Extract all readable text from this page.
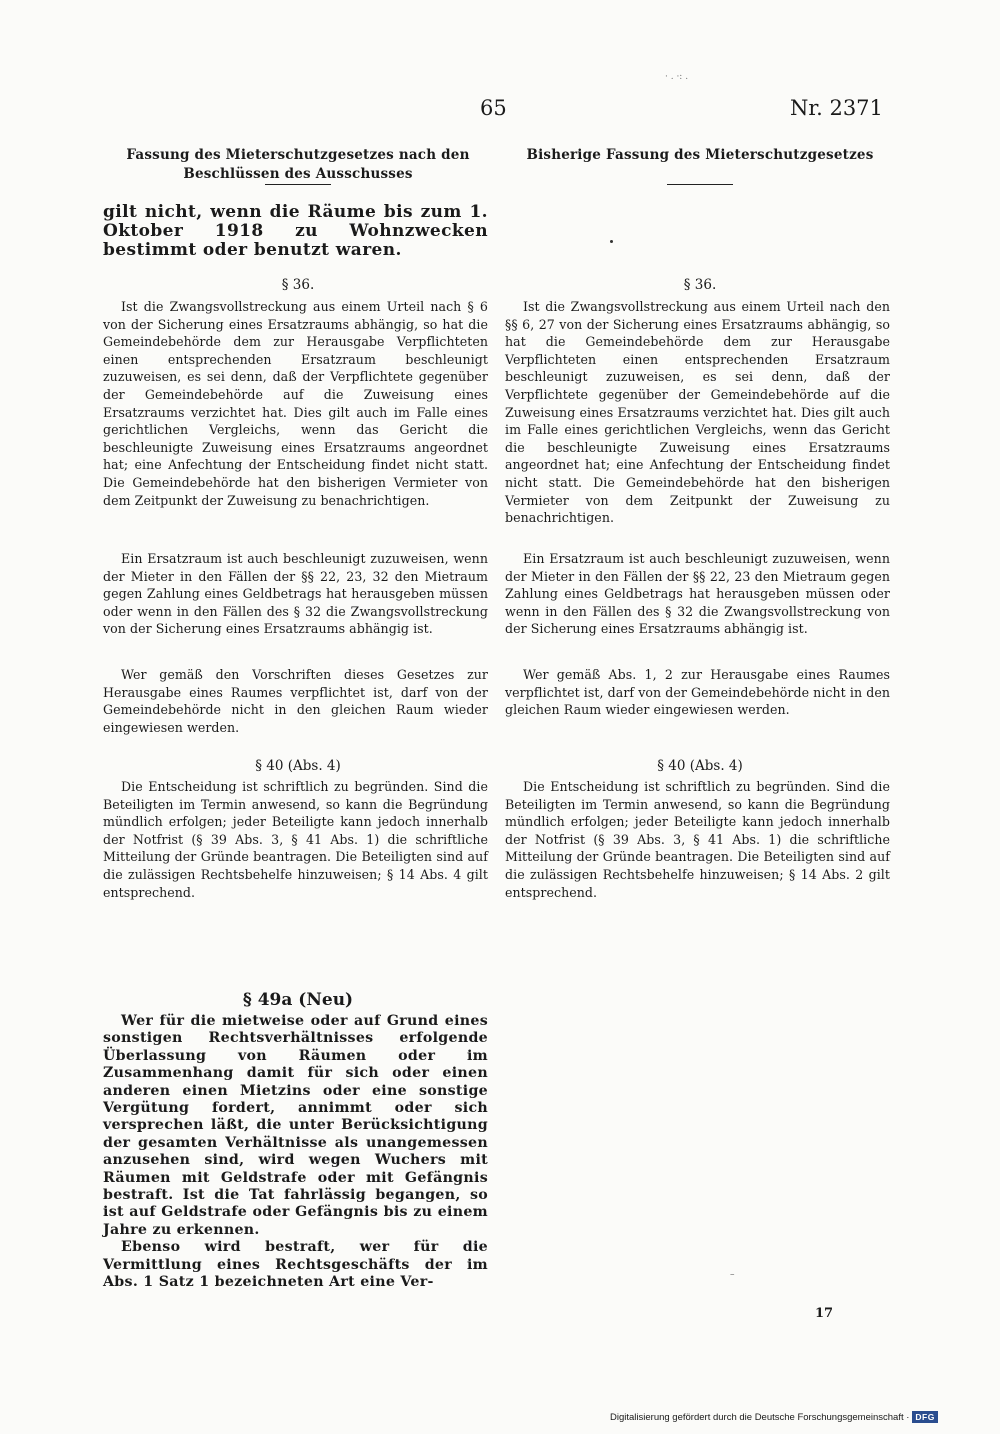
65	Nr. 2371
· . ·: .
Fassung des Mieterschutzgesetzes nach den Beschlüssen des Ausschusses
gilt nicht, wenn die Räume bis zum 1. Oktober 1918 zu Wohnzwecken bestimmt oder benutzt waren.
§ 36.

Ist die Zwangsvollstreckung aus einem Urteil nach § 6 von der Sicherung eines Ersatzraums abhängig, so hat die Gemeindebehörde dem zur Herausgabe Verpflichteten einen entsprechenden Ersatzraum beschleunigt zuzuweisen, es sei denn, daß der Verpflichtete gegenüber der Gemeindebehörde auf die Zuweisung eines Ersatzraums verzichtet hat. Dies gilt auch im Falle eines gerichtlichen Vergleichs, wenn das Gericht die beschleunigte Zuweisung eines Ersatzraums angeordnet hat; eine Anfechtung der Entscheidung findet nicht statt. Die Gemeindebehörde hat den bisherigen Vermieter von dem Zeitpunkt der Zuweisung zu benachrichtigen.

Ein Ersatzraum ist auch beschleunigt zuzuweisen, wenn der Mieter in den Fällen der §§ 22, 23, 32 den Mietraum gegen Zahlung eines Geldbetrags hat herausgeben müssen oder wenn in den Fällen des § 32 die Zwangsvollstreckung von der Sicherung eines Ersatzraums abhängig ist.

Wer gemäß den Vorschriften dieses Gesetzes zur Herausgabe eines Raumes verpflichtet ist, darf von der Gemeindebehörde nicht in den gleichen Raum wieder eingewiesen werden.

§ 40 (Abs. 4)

Die Entscheidung ist schriftlich zu begründen. Sind die Beteiligten im Termin anwesend, so kann die Begründung mündlich erfolgen; jeder Beteiligte kann jedoch innerhalb der Notfrist (§ 39 Abs. 3, § 41 Abs. 1) die schriftliche Mitteilung der Gründe beantragen. Die Beteiligten sind auf die zulässigen Rechtsbehelfe hinzuweisen; § 14 Abs. 4 gilt entsprechend.

§ 49a (Neu)

Wer für die mietweise oder auf Grund eines sonstigen Rechtsverhältnisses erfolgende Überlassung von Räumen oder im Zusammenhang damit für sich oder einen anderen einen Mietzins oder eine sonstige Vergütung fordert, annimmt oder sich versprechen läßt, die unter Berücksichtigung der gesamten Verhältnisse als unangemessen anzusehen sind, wird wegen Wuchers mit Räumen mit Geldstrafe oder mit Gefängnis bestraft. Ist die Tat fahrlässig begangen, so ist auf Geldstrafe oder Gefängnis bis zu einem Jahre zu erkennen.

Ebenso wird bestraft, wer für die Vermittlung eines Rechtsgeschäfts der im Abs. 1 Satz 1 bezeichneten Art eine Ver-

Bisherige Fassung des Mieterschutzgesetzes
§ 36.

Ist die Zwangsvollstreckung aus einem Urteil nach den §§ 6, 27 von der Sicherung eines Ersatzraums abhängig, so hat die Gemeindebehörde dem zur Herausgabe Verpflichteten einen entsprechenden Ersatzraum beschleunigt zuzuweisen, es sei denn, daß der Verpflichtete gegenüber der Gemeindebehörde auf die Zuweisung eines Ersatzraums verzichtet hat. Dies gilt auch im Falle eines gerichtlichen Vergleichs, wenn das Gericht die beschleunigte Zuweisung eines Ersatzraums angeordnet hat; eine Anfechtung der Entscheidung findet nicht statt. Die Gemeindebehörde hat den bisherigen Vermieter von dem Zeitpunkt der Zuweisung zu benachrichtigen.

Ein Ersatzraum ist auch beschleunigt zuzuweisen, wenn der Mieter in den Fällen der §§ 22, 23 den Mietraum gegen Zahlung eines Geldbetrags hat herausgeben müssen oder wenn in den Fällen des § 32 die Zwangsvollstreckung von der Sicherung eines Ersatzraums abhängig ist.

Wer gemäß Abs. 1, 2 zur Herausgabe eines Raumes verpflichtet ist, darf von der Gemeindebehörde nicht in den gleichen Raum wieder eingewiesen werden.

§ 40 (Abs. 4)

Die Entscheidung ist schriftlich zu begründen. Sind die Beteiligten im Termin anwesend, so kann die Begründung mündlich erfolgen; jeder Beteiligte kann jedoch innerhalb der Notfrist (§ 39 Abs. 3, § 41 Abs. 1) die schriftliche Mitteilung der Gründe beantragen. Die Beteiligten sind auf die zulässigen Rechtsbehelfe hinzuweisen; § 14 Abs. 2 gilt entsprechend.

–
17
Digitalisierung gefördert durch die Deutsche Forschungsgemeinschaft · DFG
